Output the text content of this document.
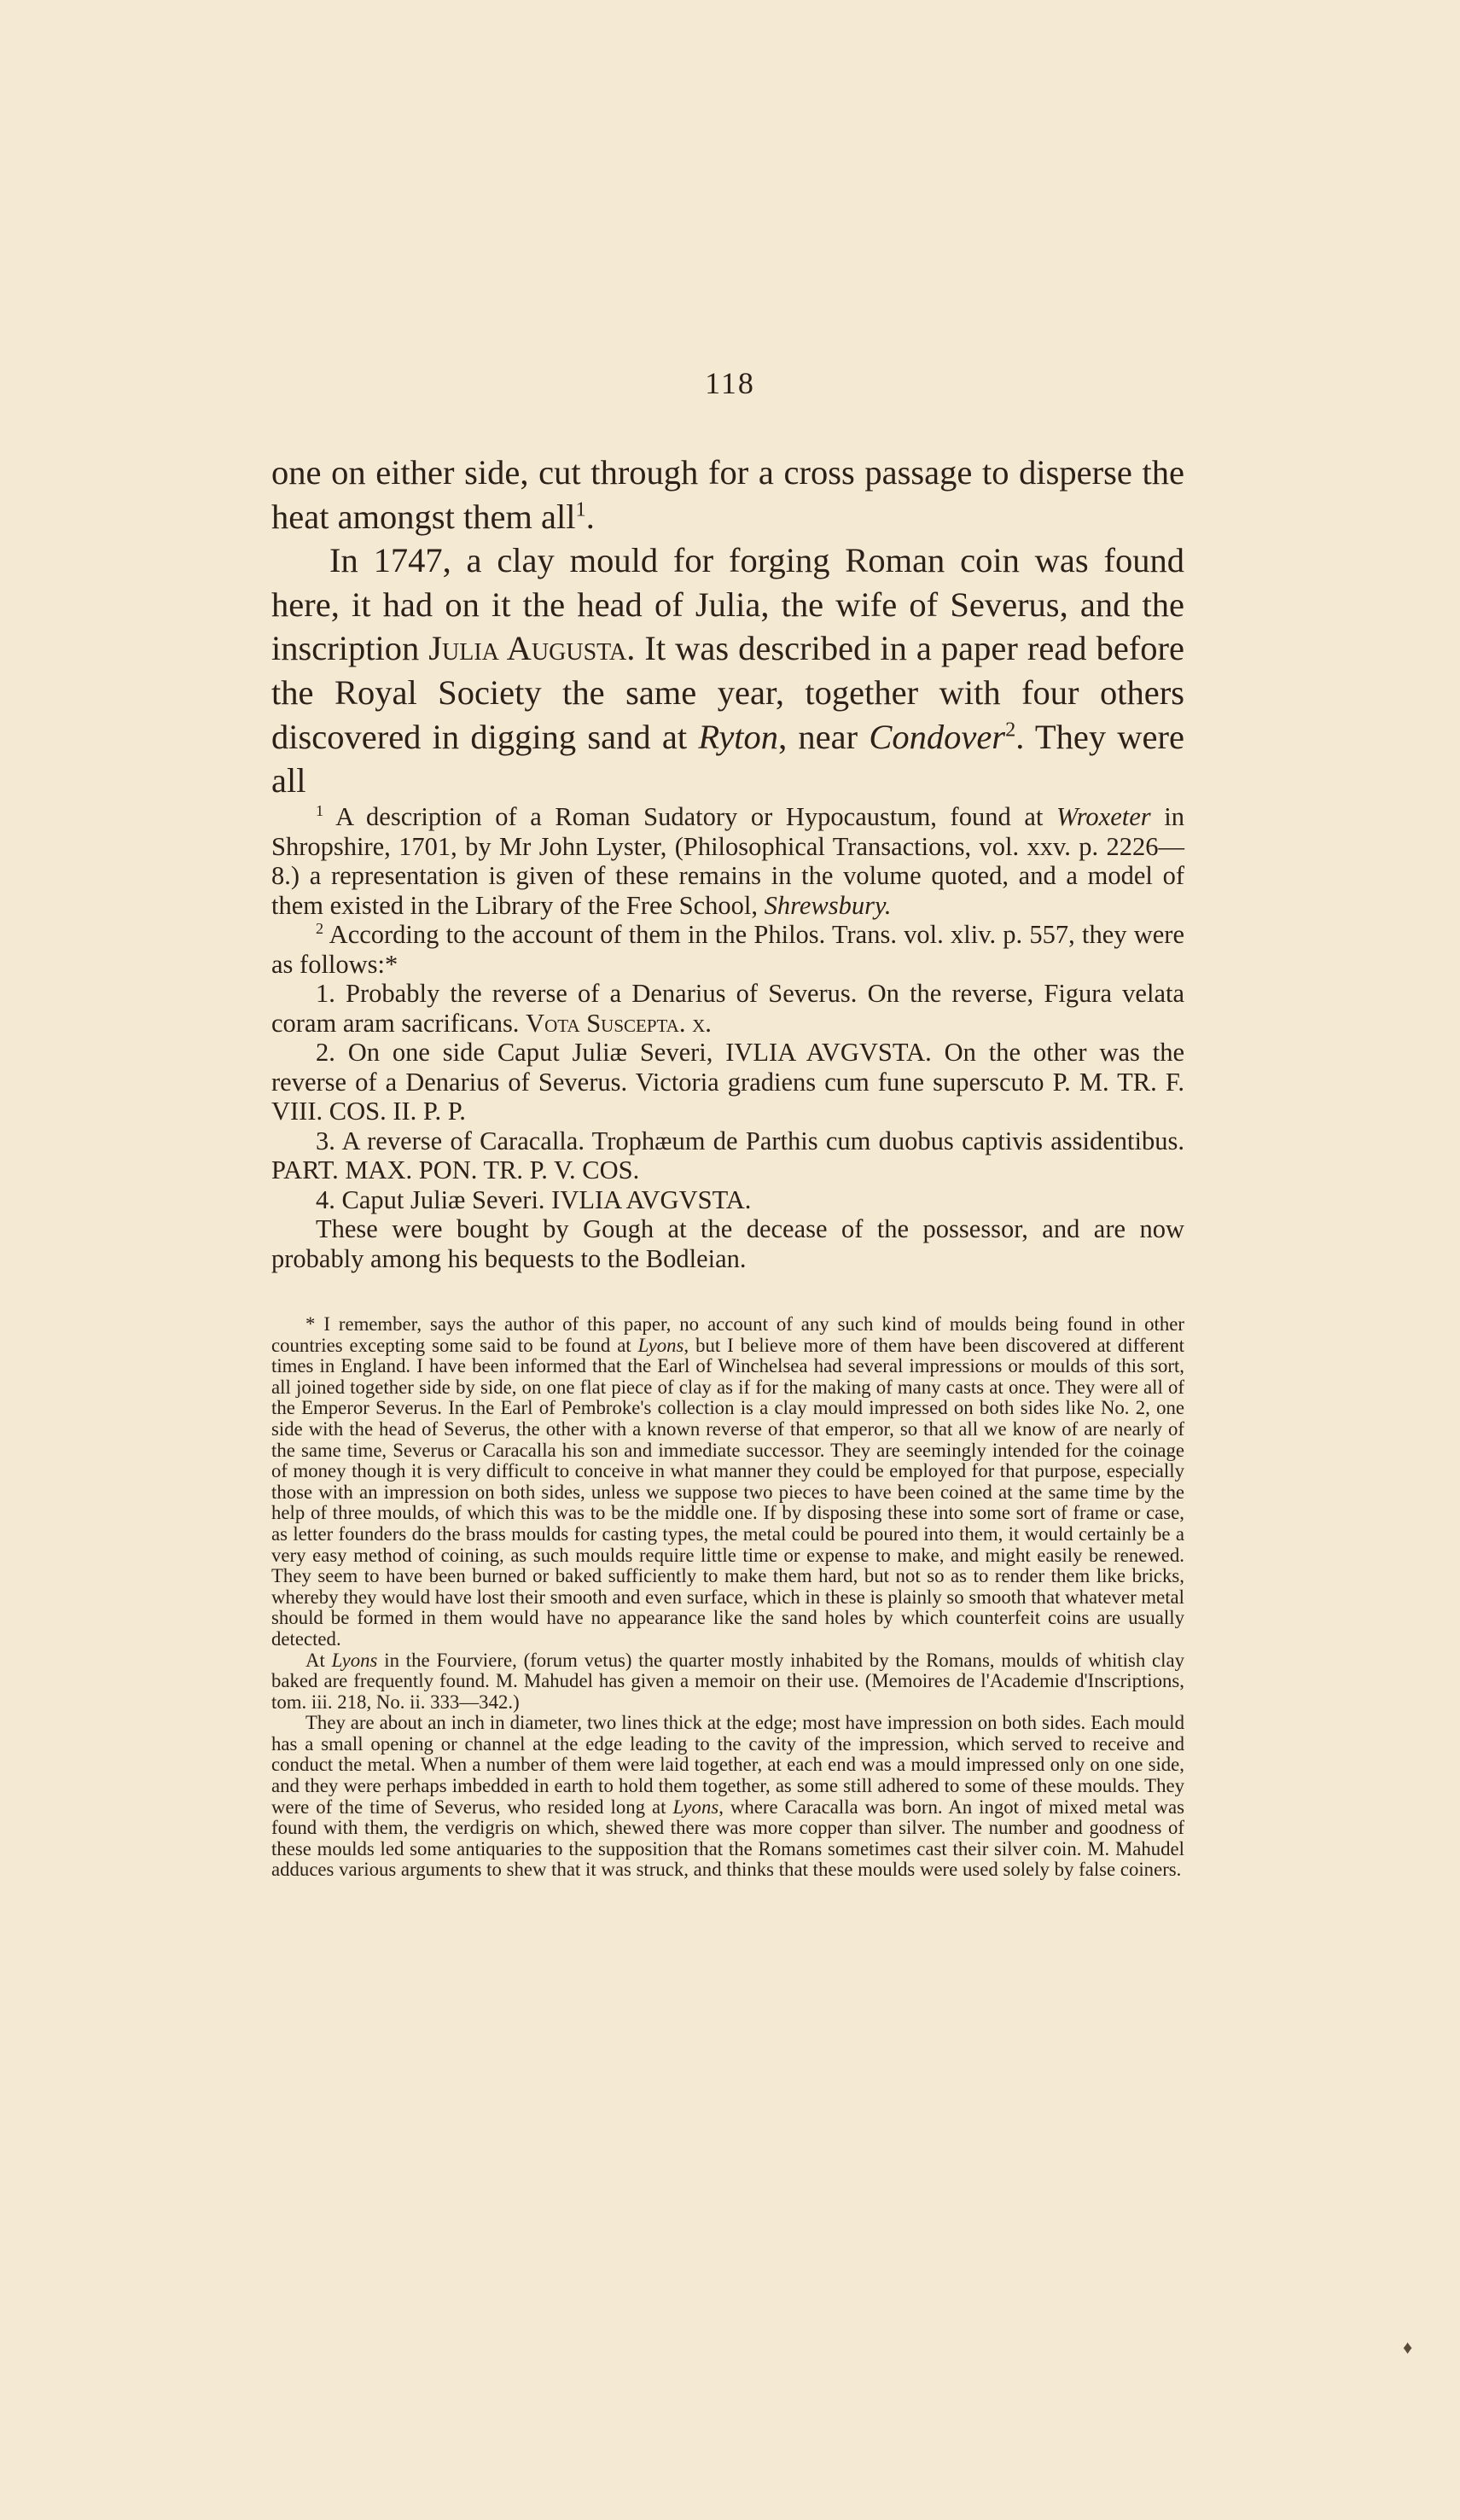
118

one on either side, cut through for a cross passage to disperse the heat amongst them all$^1$.

In 1747, a clay mould for forging Roman coin was found here, it had on it the head of Julia, the wife of Severus, and the inscription Julia Augusta. It was described in a paper read before the Royal Society the same year, together with four others discovered in digging sand at Ryton, near Condover$^2$. They were all

$^1$ A description of a Roman Sudatory or Hypocaustum, found at Wroxeter in Shropshire, 1701, by Mr John Lyster, (Philosophical Transactions, vol. xxv. p. 2226—8.) a representation is given of these remains in the volume quoted, and a model of them existed in the Library of the Free School, Shrewsbury.

$^2$ According to the account of them in the Philos. Trans. vol. xliv. p. 557, they were as follows:*

1. Probably the reverse of a Denarius of Severus. On the reverse, Figura velata coram aram sacrificans. Vota Suscepta. x.

2. On one side Caput Juliæ Severi, IVLIA AVGVSTA. On the other was the reverse of a Denarius of Severus. Victoria gradiens cum fune superscuto P. M. TR. F. VIII. COS. II. P. P.

3. A reverse of Caracalla. Trophæum de Parthis cum duobus captivis assidentibus. PART. MAX. PON. TR. P. V. COS.

4. Caput Juliæ Severi. IVLIA AVGVSTA.

These were bought by Gough at the decease of the possessor, and are now probably among his bequests to the Bodleian.

* I remember, says the author of this paper, no account of any such kind of moulds being found in other countries excepting some said to be found at Lyons, but I believe more of them have been discovered at different times in England. I have been informed that the Earl of Winchelsea had several impressions or moulds of this sort, all joined together side by side, on one flat piece of clay as if for the making of many casts at once. They were all of the Emperor Severus. In the Earl of Pembroke's collection is a clay mould impressed on both sides like No. 2, one side with the head of Severus, the other with a known reverse of that emperor, so that all we know of are nearly of the same time, Severus or Caracalla his son and immediate successor. They are seemingly intended for the coinage of money though it is very difficult to conceive in what manner they could be employed for that purpose, especially those with an impression on both sides, unless we suppose two pieces to have been coined at the same time by the help of three moulds, of which this was to be the middle one. If by disposing these into some sort of frame or case, as letter founders do the brass moulds for casting types, the metal could be poured into them, it would certainly be a very easy method of coining, as such moulds require little time or expense to make, and might easily be renewed. They seem to have been burned or baked sufficiently to make them hard, but not so as to render them like bricks, whereby they would have lost their smooth and even surface, which in these is plainly so smooth that whatever metal should be formed in them would have no appearance like the sand holes by which counterfeit coins are usually detected.

At Lyons in the Fourviere, (forum vetus) the quarter mostly inhabited by the Romans, moulds of whitish clay baked are frequently found. M. Mahudel has given a memoir on their use. (Memoires de l'Academie d'Inscriptions, tom. iii. 218, No. ii. 333—342.)

They are about an inch in diameter, two lines thick at the edge; most have impression on both sides. Each mould has a small opening or channel at the edge leading to the cavity of the impression, which served to receive and conduct the metal. When a number of them were laid together, at each end was a mould impressed only on one side, and they were perhaps imbedded in earth to hold them together, as some still adhered to some of these moulds. They were of the time of Severus, who resided long at Lyons, where Caracalla was born. An ingot of mixed metal was found with them, the verdigris on which, shewed there was more copper than silver. The number and goodness of these moulds led some antiquaries to the supposition that the Romans sometimes cast their silver coin. M. Mahudel adduces various arguments to shew that it was struck, and thinks that these moulds were used solely by false coiners.

♦
